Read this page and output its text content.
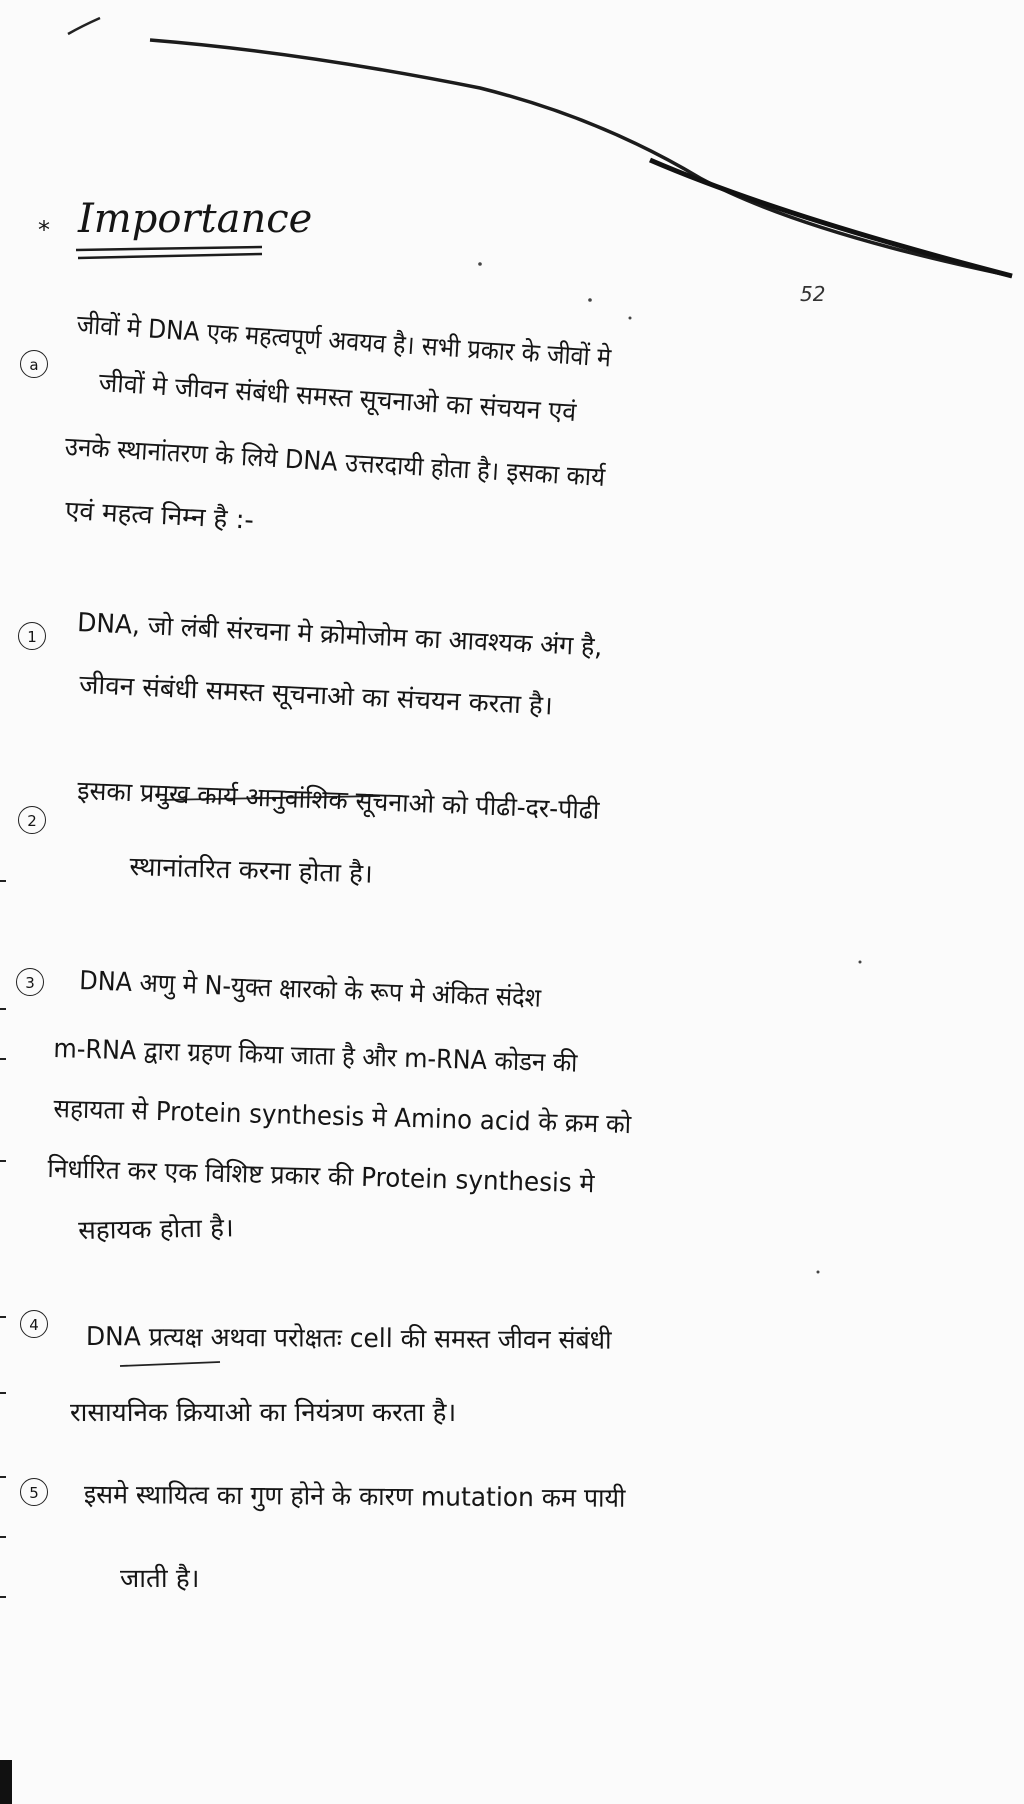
* Importance
52
a	जीवों मे DNA एक महत्वपूर्ण अवयव है। सभी प्रकार के जीवों मे
जीवों मे जीवन संबंधी समस्त सूचनाओ का संचयन एवं
उनके स्थानांतरण के लिये DNA उत्तरदायी होता है। इसका कार्य
एवं महत्व निम्न है :-
1	DNA, जो लंबी संरचना मे क्रोमोजोम का आवश्यक अंग है,
जीवन संबंधी समस्त सूचनाओ का संचयन करता है।
2	इसका प्रमुख कार्य आनुवांशिक सूचनाओ को पीढी-दर-पीढी
स्थानांतरित करना होता है।
3	DNA अणु मे N-युक्त क्षारको के रूप मे अंकित संदेश
m-RNA द्वारा ग्रहण किया जाता है और m-RNA कोडन की
सहायता से Protein synthesis मे Amino acid के क्रम को
निर्धारित कर एक विशिष्ट प्रकार की Protein synthesis मे
सहायक होता है।
4	DNA प्रत्यक्ष अथवा परोक्षतः cell की समस्त जीवन संबंधी
रासायनिक क्रियाओ का नियंत्रण करता है।
5	इसमे स्थायित्व का गुण होने के कारण mutation कम पायी
जाती है।
